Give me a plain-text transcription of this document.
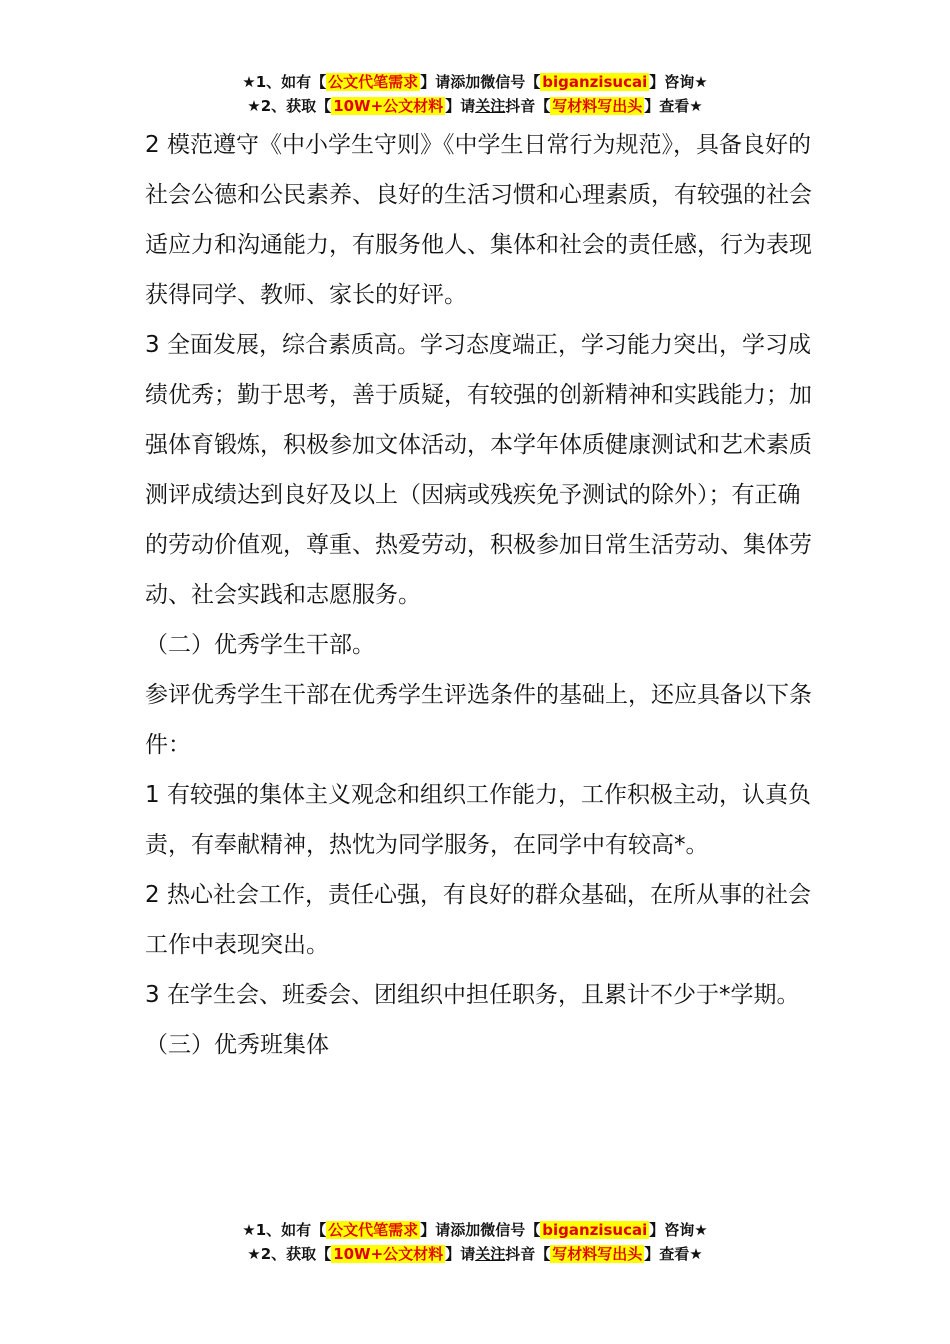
★1、如有【 公文代笔需求 】请添加微信号【 biganzisucai 】咨询★
★2、获取【 10W+公文材料 】请关注抖音【 写材料写出头 】查看★

2 模范遵守《中小学生守则》《中学生日常行为规范》，具备良好的社会公德和公民素养、良好的生活习惯和心理素质，有较强的社会适应力和沟通能力，有服务他人、集体和社会的责任感，行为表现获得同学、教师、家长的好评。

3 全面发展，综合素质高。学习态度端正，学习能力突出，学习成绩优秀；勤于思考，善于质疑，有较强的创新精神和实践能力；加强体育锻炼，积极参加文体活动，本学年体质健康测试和艺术素质测评成绩达到良好及以上（因病或残疾免予测试的除外）；有正确的劳动价值观，尊重、热爱劳动，积极参加日常生活劳动、集体劳动、社会实践和志愿服务。

（二）优秀学生干部。

参评优秀学生干部在优秀学生评选条件的基础上，还应具备以下条件：

1 有较强的集体主义观念和组织工作能力，工作积极主动，认真负责，有奉献精神，热忱为同学服务，在同学中有较高*。

2 热心社会工作，责任心强，有良好的群众基础，在所从事的社会工作中表现突出。

3 在学生会、班委会、团组织中担任职务，且累计不少于*学期。

（三）优秀班集体

★1、如有【 公文代笔需求 】请添加微信号【 biganzisucai 】咨询★
★2、获取【 10W+公文材料 】请关注抖音【 写材料写出头 】查看★
